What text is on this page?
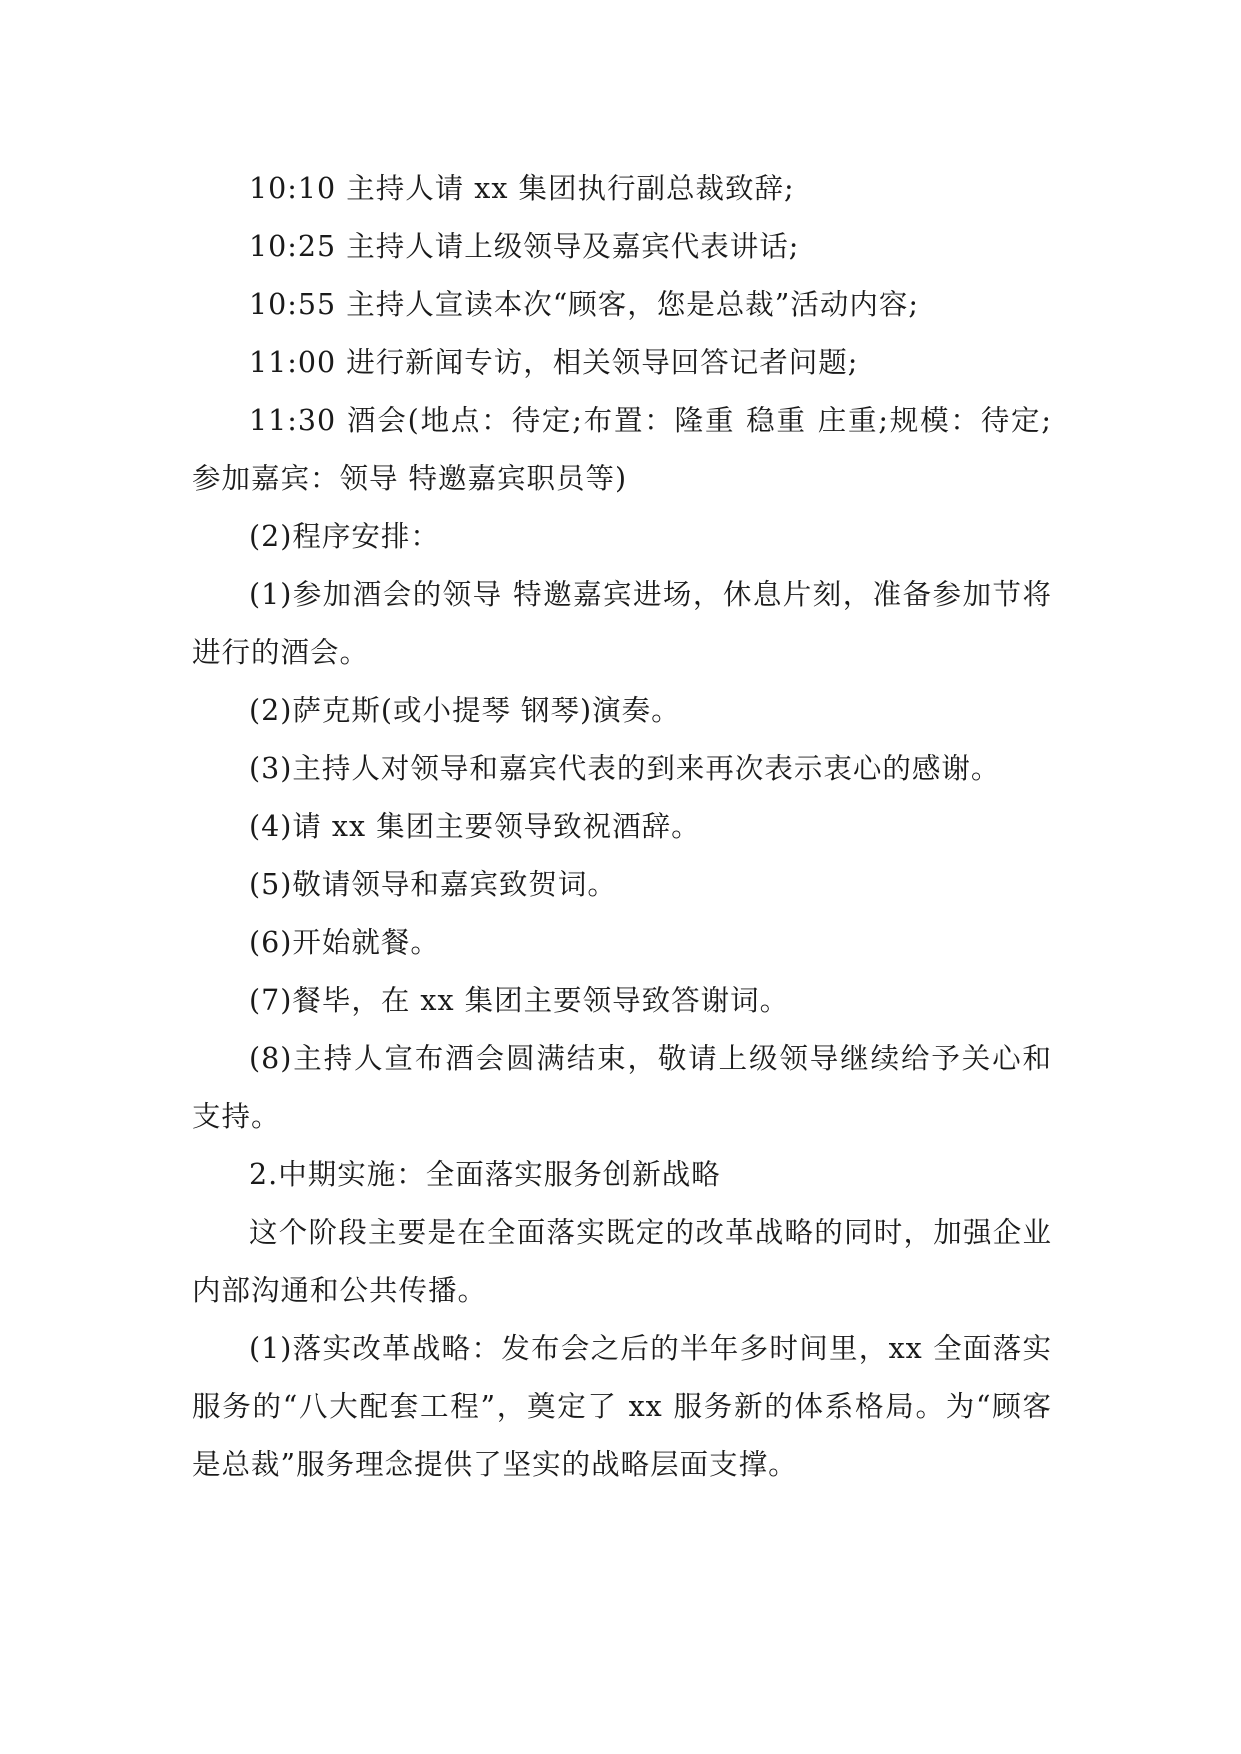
10:10 主持人请 xx 集团执行副总裁致辞;

10:25 主持人请上级领导及嘉宾代表讲话;

10:55 主持人宣读本次“顾客，您是总裁”活动内容;

11:00 进行新闻专访，相关领导回答记者问题;

11:30 酒会(地点：待定;布置：隆重 稳重 庄重;规模：待定;参加嘉宾：领导 特邀嘉宾职员等)

(2)程序安排：

(1)参加酒会的领导 特邀嘉宾进场，休息片刻，准备参加节将进行的酒会。

(2)萨克斯(或小提琴 钢琴)演奏。

(3)主持人对领导和嘉宾代表的到来再次表示衷心的感谢。

(4)请 xx 集团主要领导致祝酒辞。

(5)敬请领导和嘉宾致贺词。

(6)开始就餐。

(7)餐毕，在 xx 集团主要领导致答谢词。

(8)主持人宣布酒会圆满结束，敬请上级领导继续给予关心和支持。

2.中期实施：全面落实服务创新战略

这个阶段主要是在全面落实既定的改革战略的同时，加强企业内部沟通和公共传播。

(1)落实改革战略：发布会之后的半年多时间里，xx 全面落实服务的“八大配套工程”，奠定了 xx 服务新的体系格局。为“顾客是总裁”服务理念提供了坚实的战略层面支撑。
